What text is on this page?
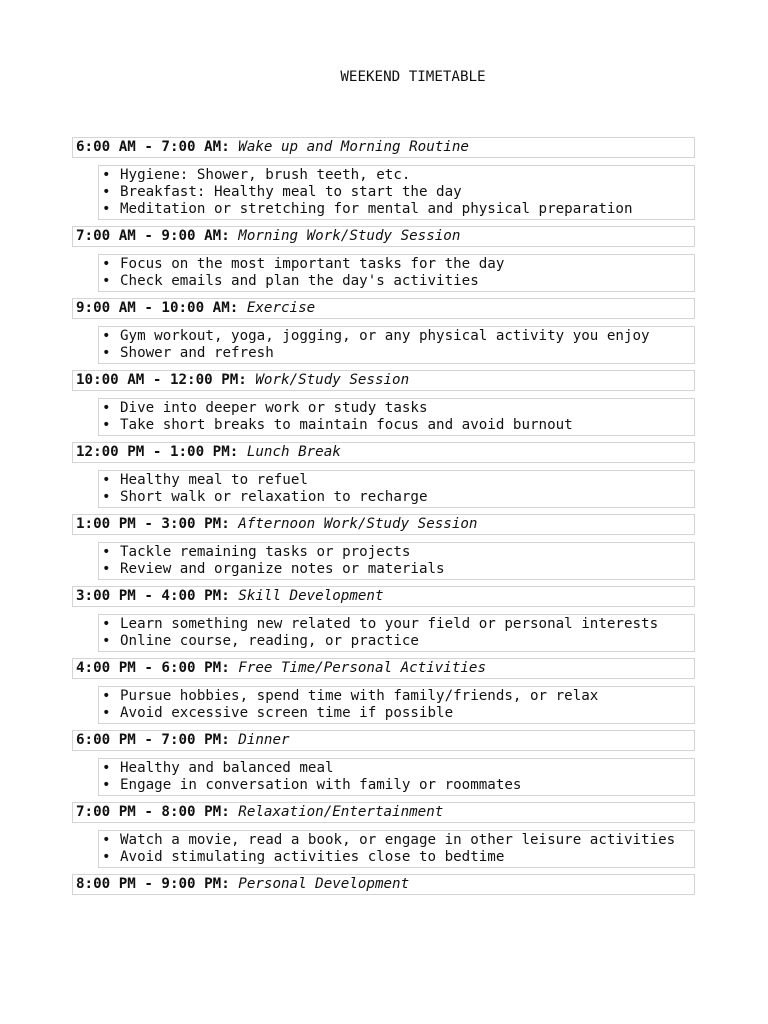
WEEKEND TIMETABLE
6:00 AM - 7:00 AM: Wake up and Morning Routine
• Hygiene: Shower, brush teeth, etc.
• Breakfast: Healthy meal to start the day
• Meditation or stretching for mental and physical preparation
7:00 AM - 9:00 AM: Morning Work/Study Session
• Focus on the most important tasks for the day
• Check emails and plan the day's activities
9:00 AM - 10:00 AM: Exercise
• Gym workout, yoga, jogging, or any physical activity you enjoy
• Shower and refresh
10:00 AM - 12:00 PM: Work/Study Session
• Dive into deeper work or study tasks
• Take short breaks to maintain focus and avoid burnout
12:00 PM - 1:00 PM: Lunch Break
• Healthy meal to refuel
• Short walk or relaxation to recharge
1:00 PM - 3:00 PM: Afternoon Work/Study Session
• Tackle remaining tasks or projects
• Review and organize notes or materials
3:00 PM - 4:00 PM: Skill Development
• Learn something new related to your field or personal interests
• Online course, reading, or practice
4:00 PM - 6:00 PM: Free Time/Personal Activities
• Pursue hobbies, spend time with family/friends, or relax
• Avoid excessive screen time if possible
6:00 PM - 7:00 PM: Dinner
• Healthy and balanced meal
• Engage in conversation with family or roommates
7:00 PM - 8:00 PM: Relaxation/Entertainment
• Watch a movie, read a book, or engage in other leisure activities
• Avoid stimulating activities close to bedtime
8:00 PM - 9:00 PM: Personal Development
